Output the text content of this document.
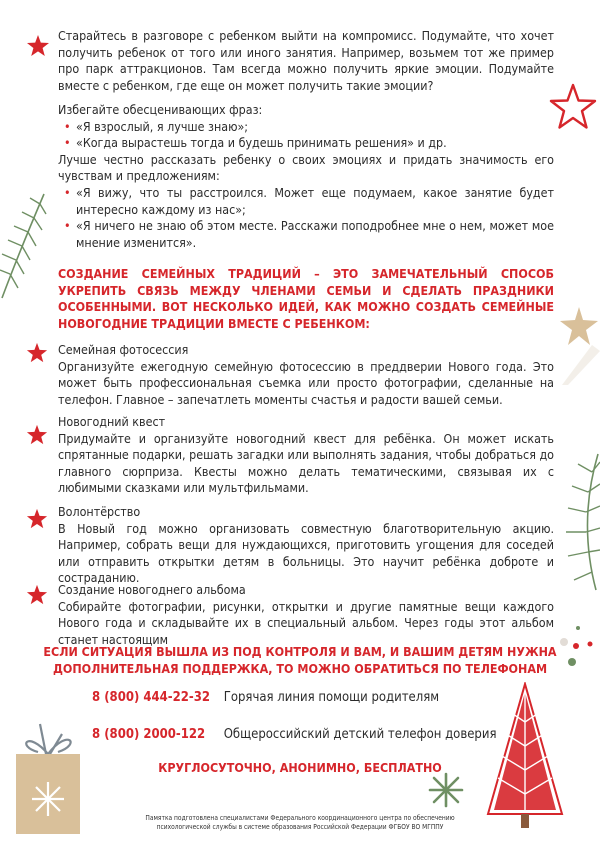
Старайтесь в разговоре с ребенком выйти на компромисс. Подумайте, что хочет получить ребенок от того или иного занятия. Например, возьмем тот же пример про парк аттракционов. Там всегда можно получить яркие эмоции. Подумайте вместе с ребенком, где еще он может получить такие эмоции?

Избегайте обесценивающих фраз:

• «Я взрослый, я лучше знаю»;
• «Когда вырастешь тогда и будешь принимать решения» и др.

Лучше честно рассказать ребенку о своих эмоциях и придать значимость его чувствам и предложениям:

• «Я вижу, что ты расстроился. Может еще подумаем, какое занятие будет интересно каждому из нас»;
• «Я ничего не знаю об этом месте. Расскажи поподробнее мне о нем, может мое мнение изменится».
СОЗДАНИЕ СЕМЕЙНЫХ ТРАДИЦИЙ – ЭТО ЗАМЕЧАТЕЛЬНЫЙ СПОСОБ УКРЕПИТЬ СВЯЗЬ МЕЖДУ ЧЛЕНАМИ СЕМЬИ И СДЕЛАТЬ ПРАЗДНИКИ ОСОБЕННЫМИ. ВОТ НЕСКОЛЬКО ИДЕЙ, КАК МОЖНО СОЗДАТЬ СЕМЕЙНЫЕ НОВОГОДНИЕ ТРАДИЦИИ ВМЕСТЕ С РЕБЕНКОМ:

Семейная фотосессия

Организуйте ежегодную семейную фотосессию в преддверии Нового года. Это может быть профессиональная съемка или просто фотографии, сделанные на телефон. Главное – запечатлеть моменты счастья и радости вашей семьи.

Новогодний квест

Придумайте и организуйте новогодний квест для ребёнка. Он может искать спрятанные подарки, решать загадки или выполнять задания, чтобы добраться до главного сюрприза. Квесты можно делать тематическими, связывая их с любимыми сказками или мультфильмами.

Волонтёрство

В Новый год можно организовать совместную благотворительную акцию. Например, собрать вещи для нуждающихся, приготовить угощения для соседей или отправить открытки детям в больницы. Это научит ребёнка доброте и состраданию.

Создание новогоднего альбома

Собирайте фотографии, рисунки, открытки и другие памятные вещи каждого Нового года и складывайте их в специальный альбом. Через годы этот альбом станет настоящим

ЕСЛИ СИТУАЦИЯ ВЫШЛА ИЗ ПОД КОНТРОЛЯ И ВАМ, И ВАШИМ ДЕТЯМ НУЖНА
ДОПОЛНИТЕЛЬНАЯ ПОДДЕРЖКА, ТО МОЖНО ОБРАТИТЬСЯ ПО ТЕЛЕФОНАМ
8 (800) 444-22-32 Горячая линия помощи родителям
8 (800) 2000-122 Общероссийский детский телефон доверия
КРУГЛОСУТОЧНО, АНОНИМНО, БЕСПЛАТНО
Памятка подготовлена специалистами Федерального координационного центра по обеспечению
психологической службы в системе образования Российской Федерации ФГБОУ ВО МГППУ
